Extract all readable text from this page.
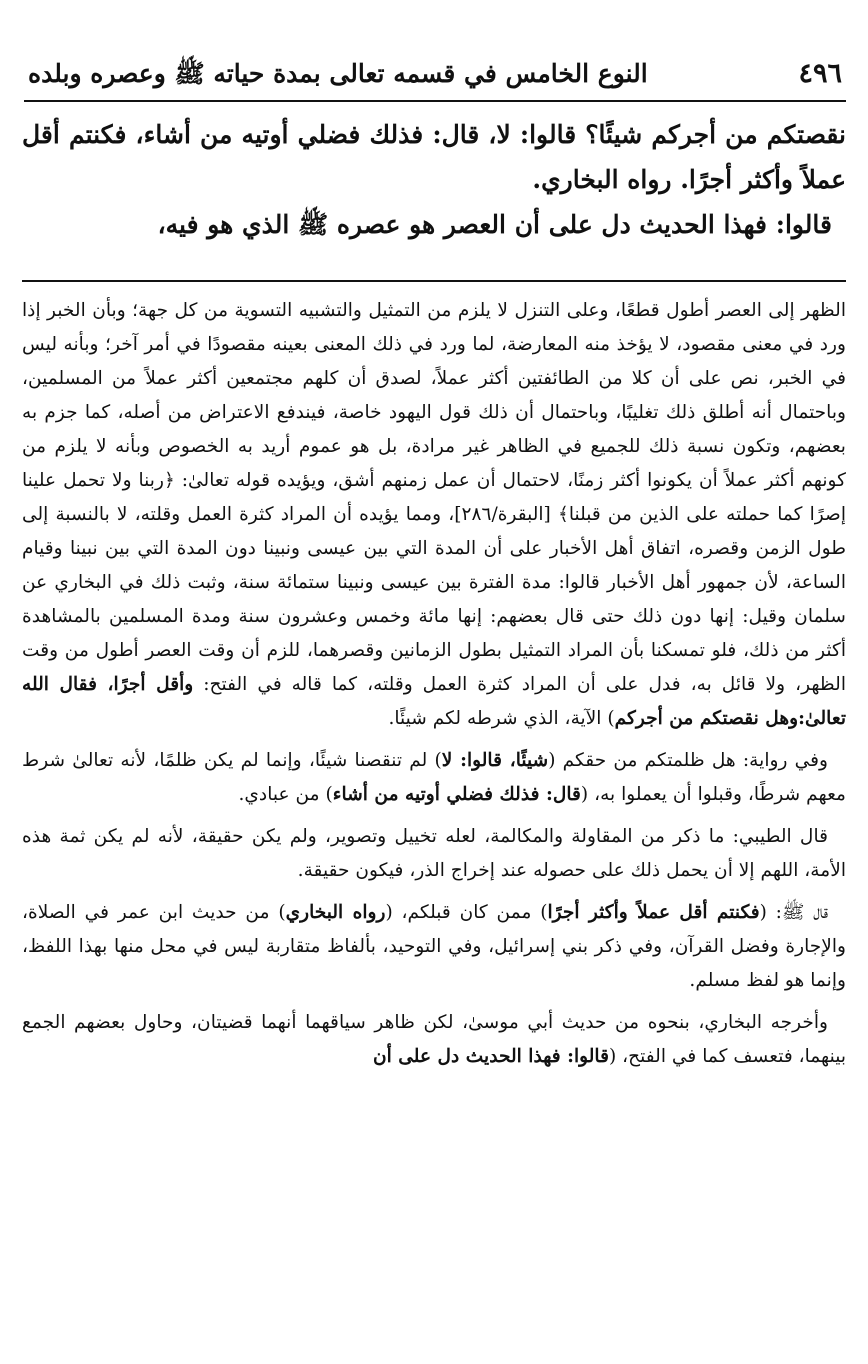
٤٩٦
النوع الخامس في قسمه تعالى بمدة حياته ﷺ وعصره وبلده

نقصتكم من أجركم شيئًا؟ قالوا: لا، قال: فذلك فضلي أوتيه من أشاء، فكنتم أقل عملاً وأكثر أجرًا. رواه البخاري.

قالوا: فهذا الحديث دل على أن العصر هو عصره ﷺ الذي هو فيه،

الظهر إلى العصر أطول قطعًا، وعلى التنزل لا يلزم من التمثيل والتشبيه التسوية من كل جهة؛ وبأن الخبر إذا ورد في معنى مقصود، لا يؤخذ منه المعارضة، لما ورد في ذلك المعنى بعينه مقصودًا في أمر آخر؛ وبأنه ليس في الخبر، نص على أن كلا من الطائفتين أكثر عملاً، لصدق أن كلهم مجتمعين أكثر عملاً من المسلمين، وباحتمال أنه أطلق ذلك تغليبًا، وباحتمال أن ذلك قول اليهود خاصة، فيندفع الاعتراض من أصله، كما جزم به بعضهم، وتكون نسبة ذلك للجميع في الظاهر غير مرادة، بل هو عموم أريد به الخصوص وبأنه لا يلزم من كونهم أكثر عملاً أن يكونوا أكثر زمنًا، لاحتمال أن عمل زمنهم أشق، ويؤيده قوله تعالىٰ: ﴿ربنا ولا تحمل علينا إصرًا كما حملته على الذين من قبلنا﴾ [البقرة/٢٨٦]، ومما يؤيده أن المراد كثرة العمل وقلته، لا بالنسبة إلى طول الزمن وقصره، اتفاق أهل الأخبار على أن المدة التي بين عيسى ونبينا دون المدة التي بين نبينا وقيام الساعة، لأن جمهور أهل الأخبار قالوا: مدة الفترة بين عيسى ونبينا ستمائة سنة، وثبت ذلك في البخاري عن سلمان وقيل: إنها دون ذلك حتى قال بعضهم: إنها مائة وخمس وعشرون سنة ومدة المسلمين بالمشاهدة أكثر من ذلك، فلو تمسكنا بأن المراد التمثيل بطول الزمانين وقصرهما، للزم أن وقت العصر أطول من وقت الظهر، ولا قائل به، فدل على أن المراد كثرة العمل وقلته، كما قاله في الفتح: وأقل أجرًا، فقال الله تعالىٰ:وهل نقصتكم من أجركم) الآية، الذي شرطه لكم شيئًا.

وفي رواية: هل ظلمتكم من حقكم (شيئًا، قالوا: لا) لم تنقصنا شيئًا، وإنما لم يكن ظلمًا، لأنه تعالىٰ شرط معهم شرطًا، وقبلوا أن يعملوا به، (قال: فذلك فضلي أوتيه من أشاء) من عبادي.

قال الطيبي: ما ذكر من المقاولة والمكالمة، لعله تخييل وتصوير، ولم يكن حقيقة، لأنه لم يكن ثمة هذه الأمة، اللهم إلا أن يحمل ذلك على حصوله عند إخراج الذر، فيكون حقيقة.

قال ﷺ: (فكنتم أقل عملاً وأكثر أجرًا) ممن كان قبلكم، (رواه البخاري) من حديث ابن عمر في الصلاة، والإجارة وفضل القرآن، وفي ذكر بني إسرائيل، وفي التوحيد، بألفاظ متقاربة ليس في محل منها بهذا اللفظ، وإنما هو لفظ مسلم.

وأخرجه البخاري، بنحوه من حديث أبي موسىٰ، لكن ظاهر سياقهما أنهما قضيتان، وحاول بعضهم الجمع بينهما، فتعسف كما في الفتح، (قالوا: فهذا الحديث دل على أن
